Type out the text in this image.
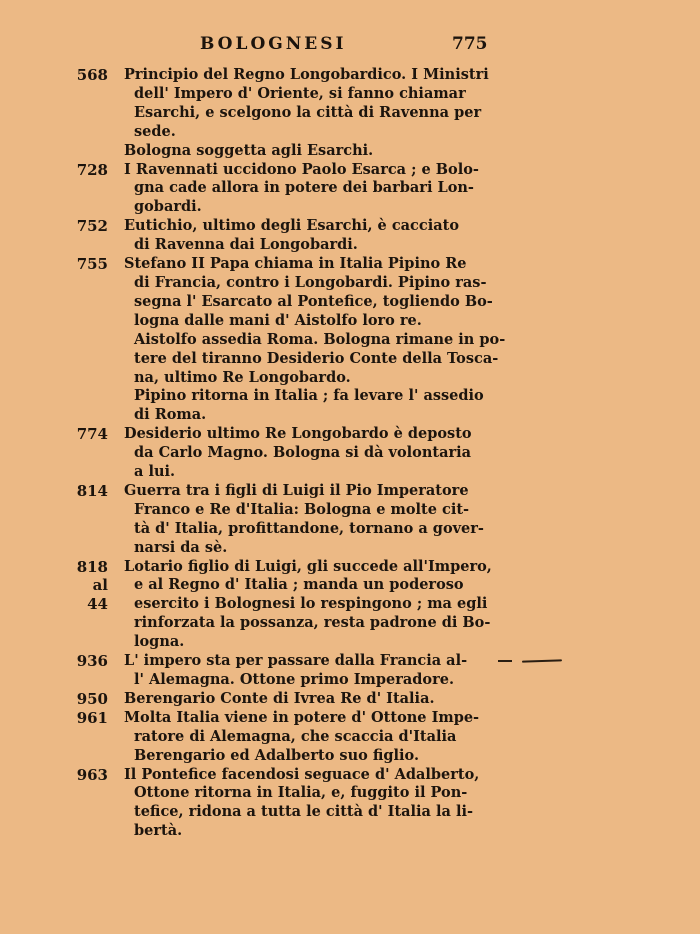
BOLOGNESI	775
568 Principio del Regno Longobardico. I Ministri
dell' Impero d' Oriente, si fanno chiamar
Esarchi, e scelgono la città di Ravenna per
sede.
Bologna soggetta agli Esarchi.
728 I Ravennati uccidono Paolo Esarca ; e Bolo-
gna cade allora in potere dei barbari Lon-
gobardi.
752 Eutichio, ultimo degli Esarchi, è cacciato
di Ravenna dai Longobardi.
755 Stefano II Papa chiama in Italia Pipino Re
di Francia, contro i Longobardi. Pipino ras-
segna l' Esarcato al Pontefice, togliendo Bo-
logna dalle mani d' Aistolfo loro re.
Aistolfo assedia Roma. Bologna rimane in po-
tere del tiranno Desiderio Conte della Tosca-
na, ultimo Re Longobardo.
Pipino ritorna in Italia ; fa levare l' assedio
di Roma.
774 Desiderio ultimo Re Longobardo è deposto
da Carlo Magno. Bologna si dà volontaria
a lui.
814 Guerra tra i figli di Luigi il Pio Imperatore
Franco e Re d'Italia: Bologna e molte cit-
tà d' Italia, profittandone, tornano a gover-
narsi da sè.
818
al
44
Lotario figlio di Luigi, gli succede all'Impero,
e al Regno d' Italia ; manda un poderoso
esercito i Bolognesi lo respingono ; ma egli
rinforzata la possanza, resta padrone di Bo-
logna.
936 L' impero sta per passare dalla Francia al-
l' Alemagna. Ottone primo Imperadore.
950 Berengario Conte di Ivrea Re d' Italia.
961 Molta Italia viene in potere d' Ottone Impe-
ratore di Alemagna, che scaccia d'Italia
Berengario ed Adalberto suo figlio.
963 Il Pontefice facendosi seguace d' Adalberto,
Ottone ritorna in Italia, e, fuggito il Pon-
tefice, ridona a tutta le città d' Italia la li-
bertà.
